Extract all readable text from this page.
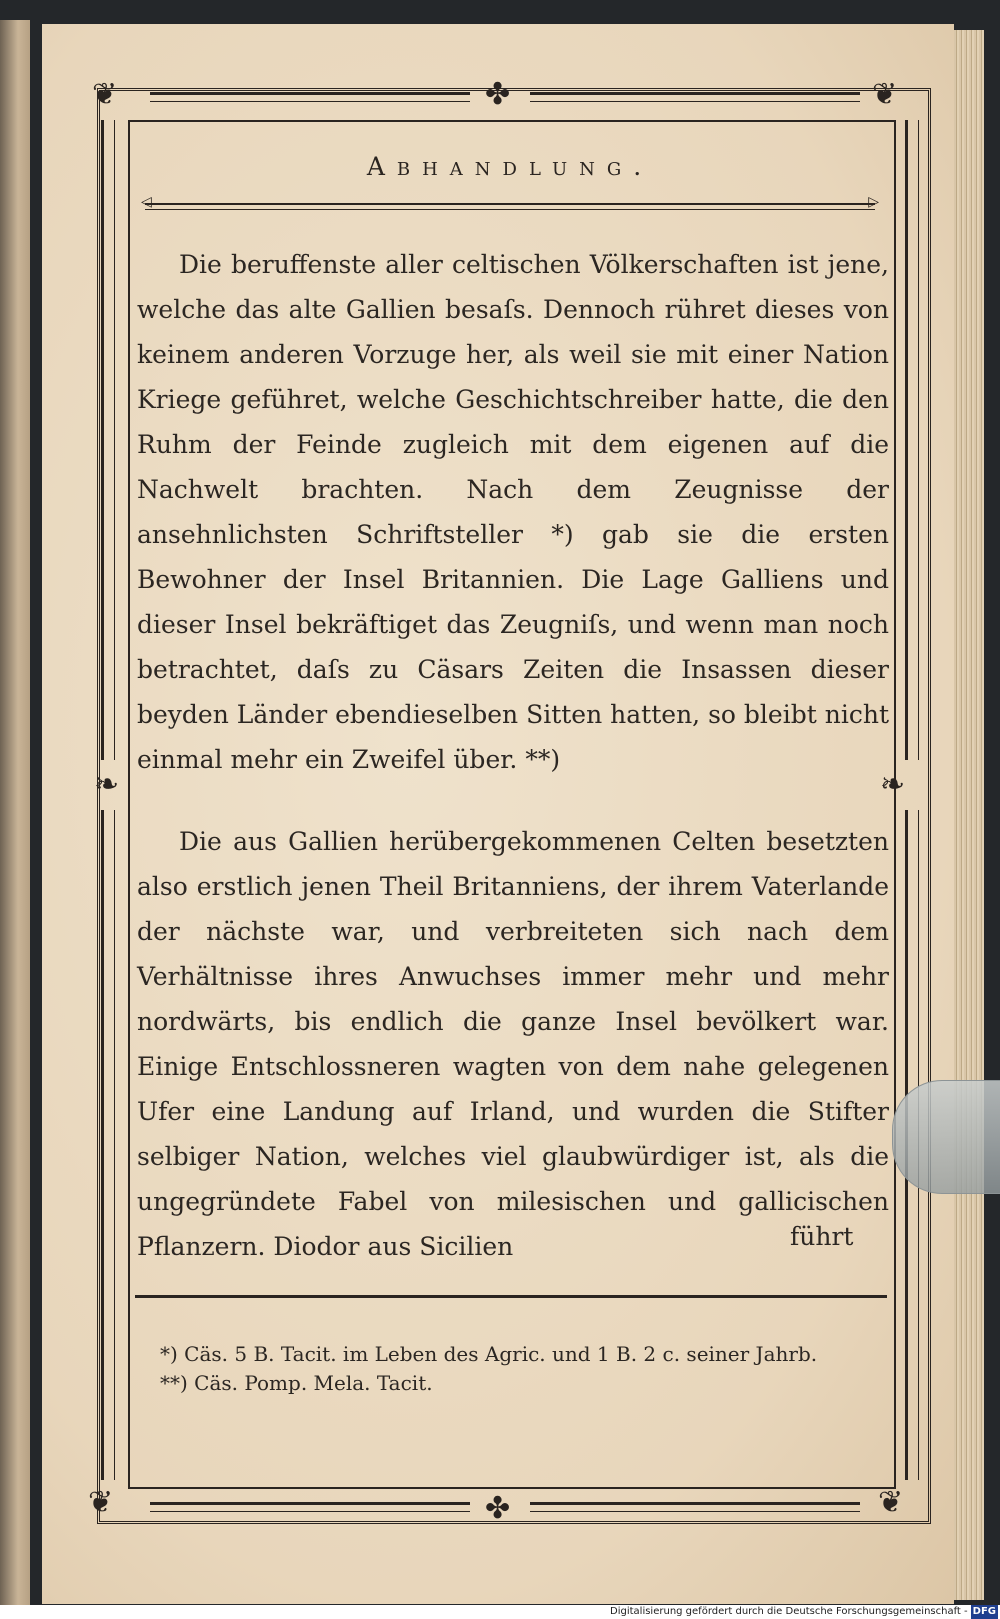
❦	❦
❦	❦
✤
✤
❧	❧
Abhandlung.
◁ ▷

Die beruffenste aller celtischen Völkerschaften ist jene, welche das alte Gallien besaſs. Dennoch rühret dieses von keinem anderen Vorzuge her, als weil sie mit einer Nation Kriege geführet, welche Geschichtschreiber hatte, die den Ruhm der Feinde zugleich mit dem eigenen auf die Nachwelt brachten. Nach dem Zeugnisse der ansehnlichsten Schriftsteller *) gab sie die ersten Bewohner der Insel Britannien. Die Lage Galliens und dieser Insel bekräftiget das Zeugniſs, und wenn man noch betrachtet, daſs zu Cäsars Zeiten die Insassen dieser beyden Länder ebendieselben Sitten hatten, so bleibt nicht einmal mehr ein Zweifel über. **)

Die aus Gallien herübergekommenen Celten besetzten also erstlich jenen Theil Britanniens, der ihrem Vaterlande der nächste war, und verbreiteten sich nach dem Verhältnisse ihres Anwuchses immer mehr und mehr nordwärts, bis endlich die ganze Insel bevölkert war. Einige Entschlossneren wagten von dem nahe gelegenen Ufer eine Landung auf Irland, und wurden die Stifter selbiger Nation, welches viel glaubwürdiger ist, als die ungegründete Fabel von milesischen und gallicischen Pflanzern. Diodor aus Sicilien	führt

*) Cäs. 5 B. Tacit. im Leben des Agric. und 1 B. 2 c. seiner Jahrb.

**) Cäs. Pomp. Mela. Tacit.

Digitalisierung gefördert durch die Deutsche Forschungsgemeinschaft - DFG
